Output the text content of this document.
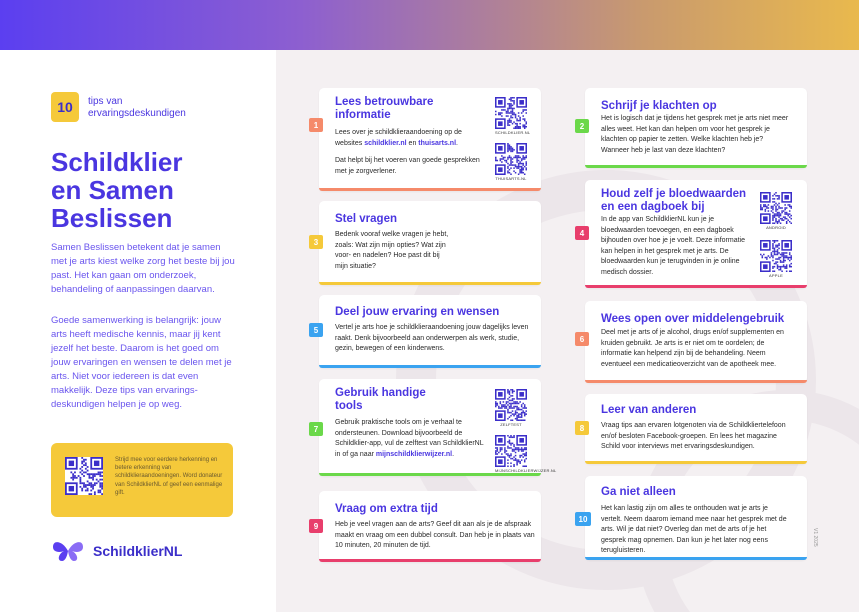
10	tips van ervaringsdeskundigen
Schildklier
en Samen
Beslissen

Samen Beslissen betekent dat je samen met je arts kiest welke zorg het beste bij jou past. Het kan gaan om onderzoek, behandeling of aanpassingen daarvan.

Goede samenwerking is belangrijk: jouw arts heeft medische kennis, maar jij kent jezelf het beste. Daarom is het goed om jouw ervaringen en wensen te delen met je arts. Niet voor iedereen is dat even makkelijk. Deze tips van ervarings-deskundigen helpen je op weg.

Strijd mee voor eerdere herkenning en betere erkenning van schildklieraandoeningen. Word donateur van SchildklierNL of geef een eenmalige gift.
SchildklierNL
1
Lees betrouwbare informatie
Lees over je schildklieraandoening op de websites schildklier.nl en thuisarts.nl.
Dat helpt bij het voeren van goede gesprekken met je zorgverlener.
SCHILDKLIER.NL
THUISARTS.NL
3
Stel vragen
Bedenk vooraf welke vragen je hebt, zoals: Wat zijn mijn opties? Wat zijn voor- en nadelen? Hoe past dit bij mijn situatie?
5
Deel jouw ervaring en wensen
Vertel je arts hoe je schildklieraandoening jouw dagelijks leven raakt. Denk bijvoorbeeld aan onderwerpen als werk, studie, gezin, bewegen of een kinderwens.
7
Gebruik handige tools
Gebruik praktische tools om je verhaal te ondersteunen. Download bijvoorbeeld de Schildklier-app, vul de zelftest van SchildklierNL in of ga naar mijnschildklierwijzer.nl.
ZELFTEST
MIJNSCHILDKLIERWIJZER.NL
9
Vraag om extra tijd
Heb je veel vragen aan de arts? Geef dit aan als je de afspraak maakt en vraag om een dubbel consult. Dan heb je in plaats van 10 minuten, 20 minuten de tijd.
2
Schrijf je klachten op
Het is logisch dat je tijdens het gesprek met je arts niet meer alles weet. Het kan dan helpen om voor het gesprek je klachten op papier te zetten. Welke klachten heb je? Wanneer heb je last van deze klachten?
4
Houd zelf je bloedwaarden en een dagboek bij
In de app van SchildklierNL kun je je bloedwaarden toevoegen, en een dagboek bijhouden over hoe je je voelt. Deze informatie kan helpen in het gesprek met je arts. De bloedwaarden kun je terugvinden in je online medisch dossier.
ANDROID
APPLE
6
Wees open over middelengebruik
Deel met je arts of je alcohol, drugs en/of supplementen en kruiden gebruikt. Je arts is er niet om te oordelen; de informatie kan helpend zijn bij de behandeling. Neem eventueel een medicatieoverzicht van de apotheek mee.
8
Leer van anderen
Vraag tips aan ervaren lotgenoten via de Schildkliertelefoon en/of besloten Facebook-groepen. En lees het magazine Schild voor interviews met ervaringsdeskundigen.
10
Ga niet alleen
Het kan lastig zijn om alles te onthouden wat je arts je vertelt. Neem daarom iemand mee naar het gesprek met de arts. Wil je dat niet? Overleg dan met de arts of je het gesprek mag opnemen. Dan kun je het later nog eens terugluisteren.
V1 2025
